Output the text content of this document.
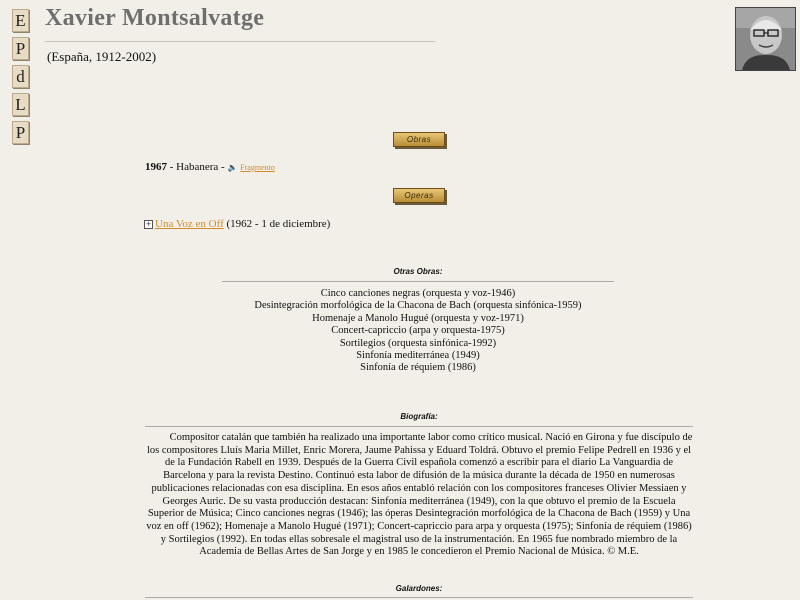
E
P
d
L
P
Xavier Montsalvatge
(España, 1912-2002)
Obras
1967 - Habanera - 🔈 Fragmento
Operas
+ Una Voz en Off (1962 - 1 de diciembre)
Otras Obras:
Cinco canciones negras (orquesta y voz-1946)
Desintegración morfológica de la Chacona de Bach (orquesta sinfónica-1959)
Homenaje a Manolo Hugué (orquesta y voz-1971)
Concert-capriccio (arpa y orquesta-1975)
Sortilegios (orquesta sinfónica-1992)
Sinfonía mediterránea (1949)
Sinfonía de réquiem (1986)
Biografía:

Compositor catalán que también ha realizado una importante labor como crítico musical. Nació en Girona y fue discípulo de los compositores Lluís Maria Millet, Enric Morera, Jaume Pahissa y Eduard Toldrá. Obtuvo el premio Felipe Pedrell en 1936 y el de la Fundación Rabell en 1939. Después de la Guerra Civil española comenzó a escribir para el diario La Vanguardia de Barcelona y para la revista Destino. Continuó esta labor de difusión de la música durante la década de 1950 en numerosas publicaciones relacionadas con esa disciplina. En esos años entabló relación con los compositores franceses Olivier Messiaen y Georges Auric. De su vasta producción destacan: Sinfonía mediterránea (1949), con la que obtuvo el premio de la Escuela Superior de Música; Cinco canciones negras (1946); las óperas Desintegración morfológica de la Chacona de Bach (1959) y Una voz en off (1962); Homenaje a Manolo Hugué (1971); Concert-capriccio para arpa y orquesta (1975); Sinfonía de réquiem (1986) y Sortilegios (1992). En todas ellas sobresale el magistral uso de la instrumentación. En 1965 fue nombrado miembro de la Academia de Bellas Artes de San Jorge y en 1985 le concedieron el Premio Nacional de Música. © M.E.

Galardones:
